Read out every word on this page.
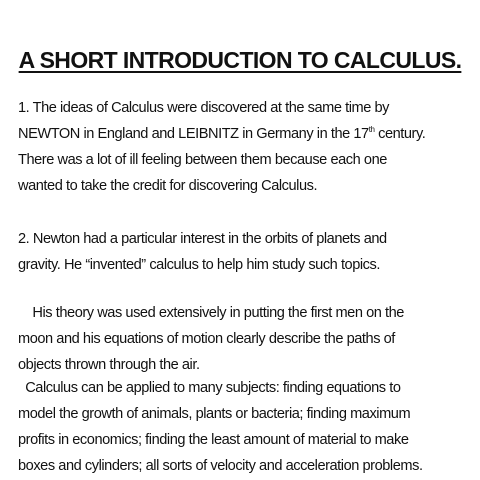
A SHORT INTRODUCTION TO CALCULUS.
1. The ideas of Calculus were discovered at the same time by
NEWTON in England and LEIBNITZ in Germany in the 17th century.
There was a lot of ill feeling between them because each one
wanted to take the credit for discovering Calculus.
2. Newton had a particular interest in the orbits of planets and
gravity. He “invented” calculus to help him study such topics.
His theory was used extensively in putting the first men on the
moon and his equations of motion clearly describe the paths of
objects thrown through the air.
Calculus can be applied to many subjects: finding equations to
model the growth of animals, plants or bacteria; finding maximum
profits in economics; finding the least amount of material to make
boxes and cylinders; all sorts of velocity and acceleration problems.
